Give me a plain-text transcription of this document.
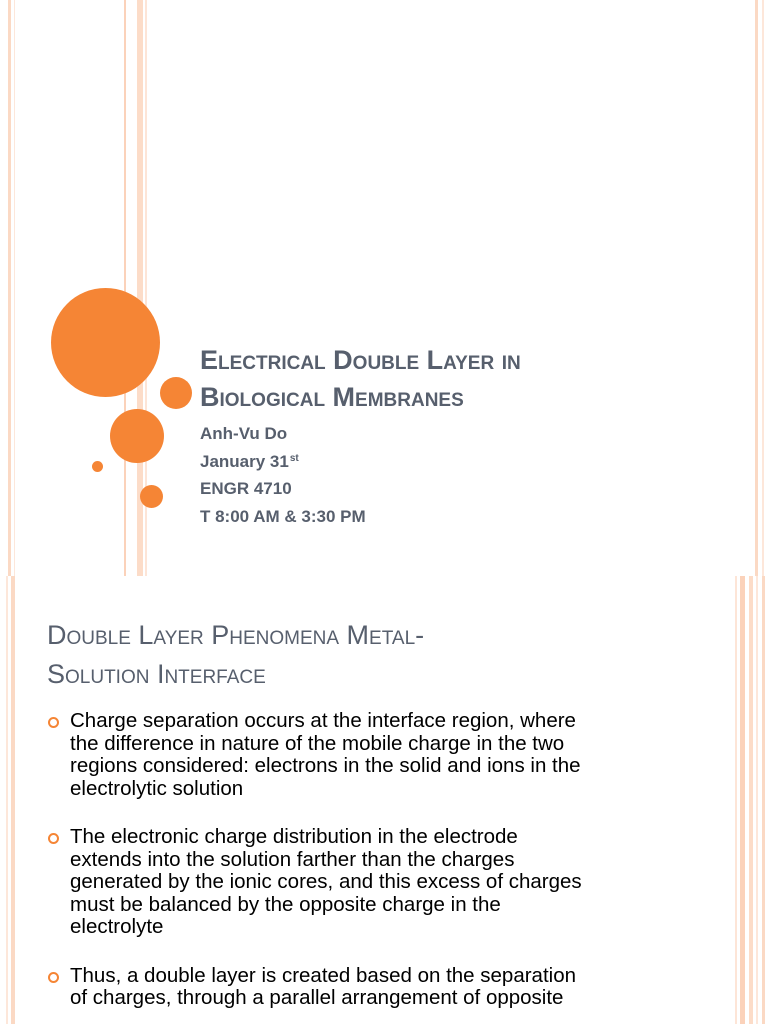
Electrical Double Layer in
Biological Membranes
Anh-Vu Do
January 31st
ENGR 4710
T 8:00 AM & 3:30 PM
Double Layer Phenomena Metal-
Solution Interface
Charge separation occurs at the interface region, where
the difference in nature of the mobile charge in the two
regions considered: electrons in the solid and ions in the
electrolytic solution
The electronic charge distribution in the electrode
extends into the solution farther than the charges
generated by the ionic cores, and this excess of charges
must be balanced by the opposite charge in the
electrolyte
Thus, a double layer is created based on the separation
of charges, through a parallel arrangement of opposite
